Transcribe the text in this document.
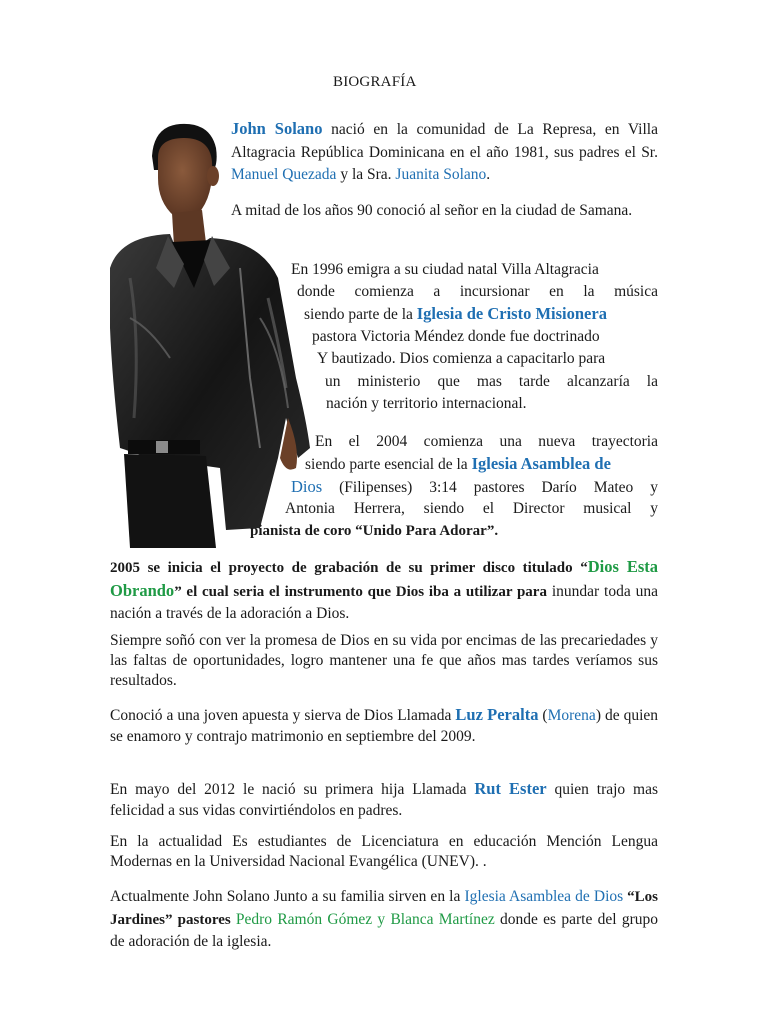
BIOGRAFÍA
John Solano nació en la comunidad de La Represa, en Villa Altagracia República Dominicana en el año 1981, sus padres el Sr. Manuel Quezada y la Sra. Juanita Solano.
A mitad de los años 90 conoció al señor en la ciudad de Samana.
En 1996 emigra a su ciudad natal Villa Altagracia
donde comienza a incursionar en la música
siendo parte de la Iglesia de Cristo Misionera
pastora Victoria Méndez donde fue doctrinado
Y bautizado. Dios comienza a capacitarlo para
un ministerio que mas tarde alcanzaría la
nación y territorio internacional.
En el 2004 comienza una nueva trayectoria
siendo parte esencial de la Iglesia Asamblea de
Dios (Filipenses) 3:14 pastores Darío Mateo y
Antonia Herrera, siendo el Director musical y
pianista de coro “Unido Para Adorar”.
2005 se inicia el proyecto de grabación de su primer disco titulado “Dios Esta Obrando” el cual seria el instrumento que Dios iba a utilizar para inundar toda una nación a través de la adoración a Dios.
Siempre soñó con ver la promesa de Dios en su vida por encimas de las precariedades y las faltas de oportunidades, logro mantener una fe que años mas tardes veríamos sus resultados.
Conoció a una joven apuesta y sierva de Dios Llamada Luz Peralta (Morena) de quien se enamoro y contrajo matrimonio en septiembre del 2009.
En mayo del 2012 le nació su primera hija Llamada Rut Ester quien trajo mas felicidad a sus vidas convirtiéndolos en padres.
En la actualidad Es estudiantes de Licenciatura en educación Mención Lengua Modernas en la Universidad Nacional Evangélica (UNEV). .
Actualmente John Solano Junto a su familia sirven en la Iglesia Asamblea de Dios “Los Jardines” pastores Pedro Ramón Gómez y Blanca Martínez donde es parte del grupo de adoración de la iglesia.
